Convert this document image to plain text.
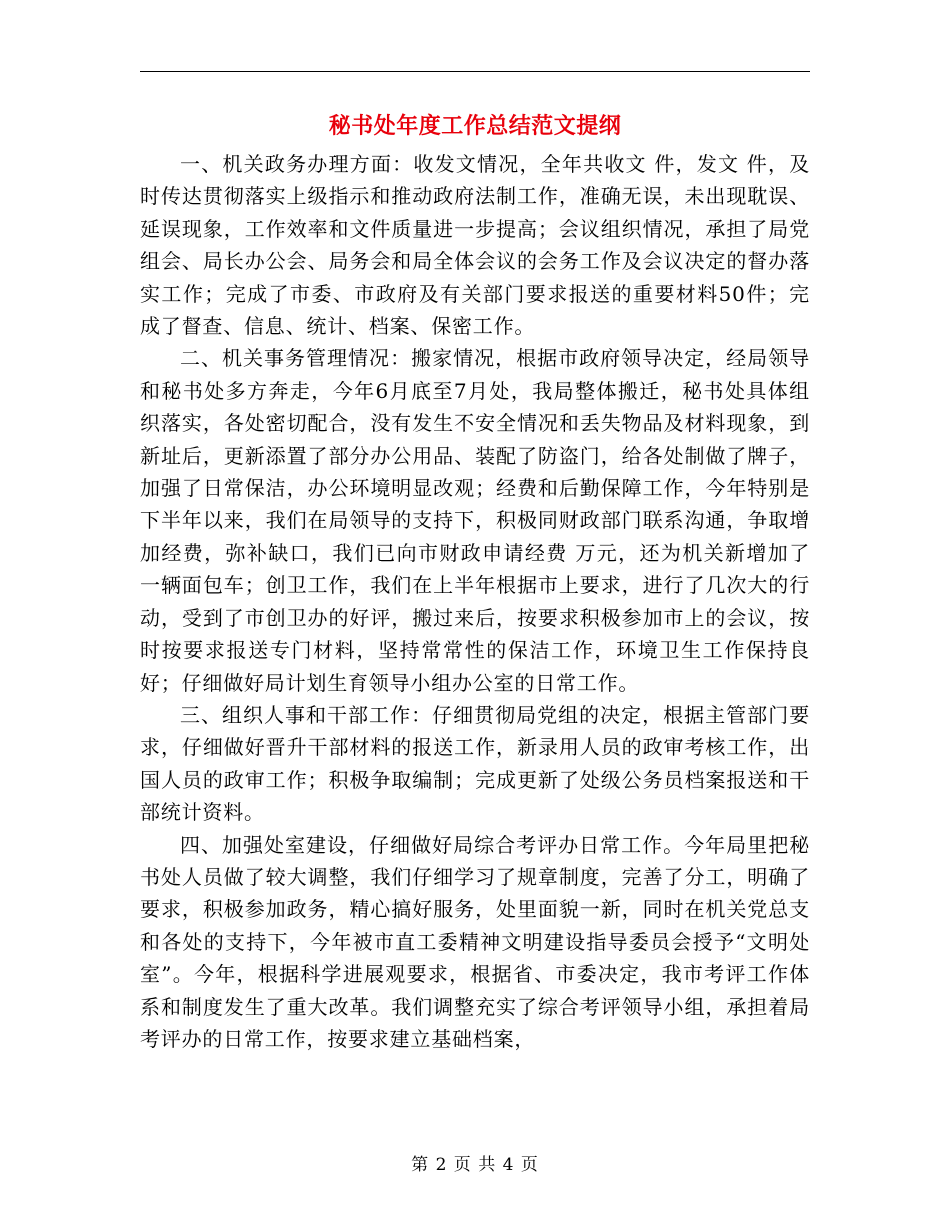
秘书处年度工作总结范文提纲

一、机关政务办理方面：收发文情况，全年共收文 件，发文 件，及时传达贯彻落实上级指示和推动政府法制工作，准确无误，未出现耽误、延误现象，工作效率和文件质量进一步提高；会议组织情况，承担了局党组会、局长办公会、局务会和局全体会议的会务工作及会议决定的督办落实工作；完成了市委、市政府及有关部门要求报送的重要材料50件；完成了督查、信息、统计、档案、保密工作。

二、机关事务管理情况：搬家情况，根据市政府领导决定，经局领导和秘书处多方奔走，今年6月底至7月处，我局整体搬迁，秘书处具体组织落实，各处密切配合，没有发生不安全情况和丢失物品及材料现象，到新址后，更新添置了部分办公用品、装配了防盗门，给各处制做了牌子，加强了日常保洁，办公环境明显改观；经费和后勤保障工作，今年特别是下半年以来，我们在局领导的支持下，积极同财政部门联系沟通，争取增加经费，弥补缺口，我们已向市财政申请经费 万元，还为机关新增加了一辆面包车；创卫工作，我们在上半年根据市上要求，进行了几次大的行动，受到了市创卫办的好评，搬过来后，按要求积极参加市上的会议，按时按要求报送专门材料，坚持常常性的保洁工作，环境卫生工作保持良好；仔细做好局计划生育领导小组办公室的日常工作。

三、组织人事和干部工作：仔细贯彻局党组的决定，根据主管部门要求，仔细做好晋升干部材料的报送工作，新录用人员的政审考核工作，出国人员的政审工作；积极争取编制；完成更新了处级公务员档案报送和干部统计资料。

四、加强处室建设，仔细做好局综合考评办日常工作。今年局里把秘书处人员做了较大调整，我们仔细学习了规章制度，完善了分工，明确了要求，积极参加政务，精心搞好服务，处里面貌一新，同时在机关党总支和各处的支持下，今年被市直工委精神文明建设指导委员会授予“文明处室”。今年，根据科学进展观要求，根据省、市委决定，我市考评工作体系和制度发生了重大改革。我们调整充实了综合考评领导小组，承担着局考评办的日常工作，按要求建立基础档案，

第 2 页 共 4 页
